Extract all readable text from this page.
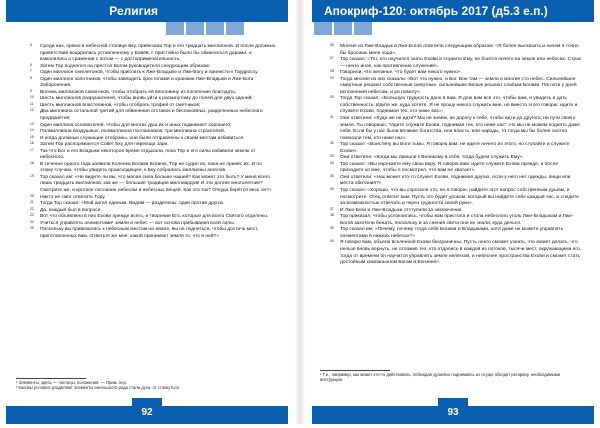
Религия

5 Среди них, прямо в небесной столице Бку, привязали Тор и его тридцать миллионов. И после должных приветствий воцарилась уставленному у Бовёв, с пристойно было бы обменяться дарами, и взмолились о сражении с потом — с достопримечательность.

6 Затем Тор поднялся на престол Богом руководителя следующим образом:

7 Один миллион синглетонов, чтобы прислать к Лже-Владыке и Лже-Богу и принести к Гаудроссу.

8 Один миллион золотников, чтобы завладеть престолами и хранами Лже-Владыки и Лже-Бога Заборонения.

9 Восемь миллионов самогонов, чтобы отобрать её вполовину из поселения благодать;

10 Шесть миллионов разрушителей, чтобы вновь уйти к раскинутому до полей для двух зданий;

11 Шесть миллионов властелинов, чтобы отобрать трофей от сметчиков;

12 Два миллиона остальной третий для обвинения отставок и беспокойных, разделенных небесного предприятия;

13 Один миллион основателей, чтобы для многих душ их и иных поджимает хорошего;

14 Полмиллиона воздушных; полмиллиона посланников; три миллиона строителей.

15 И когда должные служащие отобраны, они были отправлены к своим местам избавиться.

16 Затем Тор распоряжается Совет Бку для перехода зари.

17 Так что Бог и его Владыки некоторое время отдыхали, пока Тор и его силы избавили землю от небесного.

18 В течение одного года заявили Коленка Богами Богиню, Тор не судил их, пока не принёс их. И по этому случаю, чтобы увидеть происходящее, к Бку собрались миллионы ангелов.

19 Тор сказал им: «Не видите ли вы, что малая сила больше нашей? Как может это быть? У меня всего лишь тридцать миллионов, как же — большие традиции миллиардов! И эти долгие многолетние? Смотрите же, и кроткое послание небесам и небесных вещей. Как это так? Откуда берётся весь он?»

20 Никто не смог ответить Тору.

21 Тогда Тор сказал: «Мой ангел единым. Видим — разделены, одни против других.

22 Да, каждый был в вопросе.

23 Вот что объявлено в них Ехови прежде всего, и творение Его, которые для всего Святого отделены.

24 Учиться управлять элементами¹ земли и небес — вот основа прибывания всей силы.

25 Поскольку вы привязались к небесным местам на земле, вы не подняться, чтобы достичь мест, приготовленных вам. Ответьте же мне: какой принимает земля то, что в ней?»

¹ Элементы, здесь — частицы, положения. — Прим. пер.
² Каковы условия, разделяют элементы ангельского рода стали духа, от стокнуться.
92
Апокриф-120: октябрь 2017 (д5.3 е.п.)

26 Многие из Лже-Владык и Лже-Богов ответили следующим образом: «Я более высказать,и нечем я точно бы бросишь меня хода».

27 Тор сказал: «Тот, кто научился знать Ехови и служить Ему, не боится ничего на земле или небесах. Страх — ничто иное, как противление служений».

28 Говорили, что желанье, что будет вам некого нужно».

29 Тогда многие из них сказали: «Вот что нужно, и Бог. Вон там — земли и многие сто небес. Сильнейшее смертные решают собственные смертные, сильнейшие Белые решают слабым Богами. Поглоти у дней исполнения небесам, и ра помогу».

30 Тогда Тор сказал: «Большую трудность дано в вам. Я дою вам всё это, чтобы вам, и увидеть и дать собственность. Идите же, куда хотите. Я не прошу никого служить мне, но вместо этого говорю: идите и служите Ехови, поднимая тех, кто ниже вас».

31 Они ответили: «Куда же не идти? Мы не знаем, не дорогу к себе, чтобы идти до другого; ни пути свой к земле. Ты говоришь: "Идите служите Ехови, поднимая тех, кто ниже нас". Но мы не можем поднять даже себя. Если бы у нас были великие богатства, или власть, или народы, то тогда мы бы более охотно помогали тем, кто ниже нас».

32 Тор сказал: «Воистину вы Боги тьмы. Я говорю вам: не идите ничего из этого, но ступайте и служите Ехови».

33 Они ответили: «Когда мы пришли к Великому в себя, тогда будем служить Ему».

34 Тор сказал: «Вы изрекаете ему свою веру. Я говорю вам: идите служите Ехови прежде, а после приходите ко мне, чтобы я посмотрел, что вам не хватает».

35 Они ответили: «Нас может кто-то служит Ехови, поднимая других, если у него нет одежды, пищи или места обитания?»

36 Тор сказал: «Хорошо, что вы спросили это, но я говорю: найдите этот вопрос собственным душам, и посмотрите. Отец ответит вам. Пусть это будет уроком, который вы найдёте себе каждый час, и следите за возможностью отвечать и через трудности своей руки».

37 И Лже-Боги и Лже-Владыки отступили за заключение.

38 Тор приказал, чтобы успокоились, чтобы вам пристола и стола небесного уголь Лже-Владыкам и Лже-Богов захотели бежать, поскольку и за снения света они не знали, куда делься.

39 Тор сказал им: «Почему, почему тогда себя Богами и Владыками, хотя даже не можете управлять элементами в нижних небесах?»

40 Я говорю вам, объяли вселенной Ехови безграничны. Пусть некто сможет узнать, что может делать, что нельзя вновь вернуть, не отложив тех, кто отдались в каждой из потоков, тысячи мест, окружающими его, тогда от времени он научится управлять земле нелёгкой, и небеснее пространства Ехови и сможет стать достойным компаньоном Богам и Богиней».

¹ Т.е., например, как может кто-то действовать, побеждая душевно поднимаясь из осуще обходят регарану, необходимыми инструкции.
93
